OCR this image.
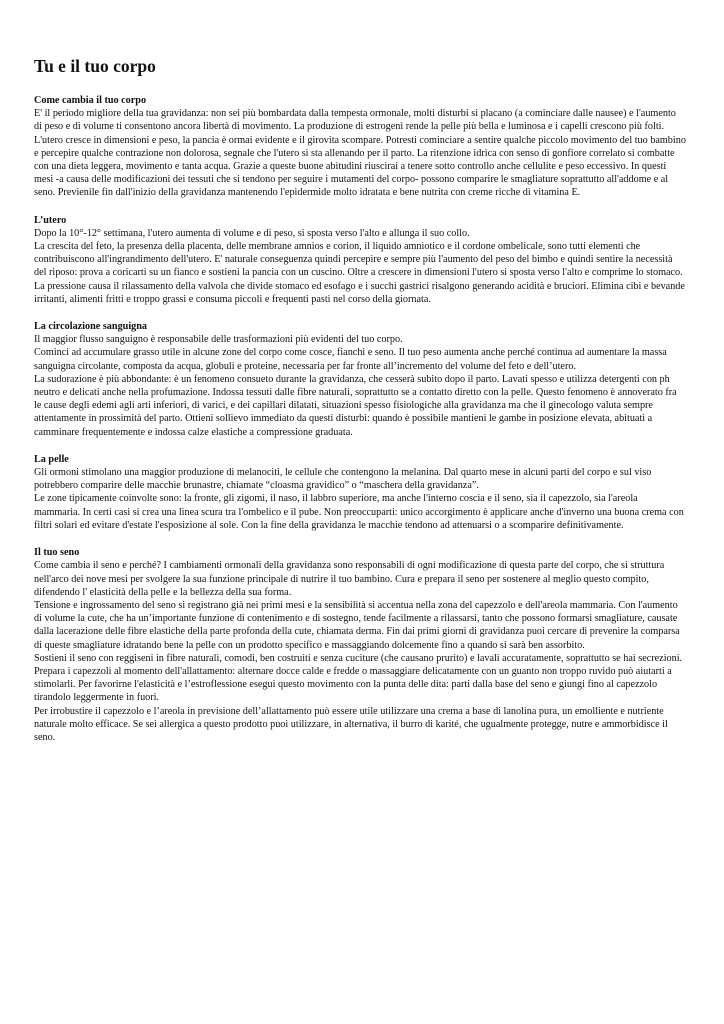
Tu e il tuo corpo

Come cambia il tuo corpo

E' il periodo migliore della tua gravidanza: non sei più bombardata dalla tempesta ormonale, molti disturbi si placano (a cominciare dalle nausee) e l'aumento di peso e di volume ti consentono ancora libertà di movimento. La produzione di estrogeni rende la pelle più bella e luminosa e i capelli crescono più folti. L'utero cresce in dimensioni e peso, la pancia è ormai evidente e il girovita scompare. Potresti cominciare a sentire qualche piccolo movimento del tuo bambino e percepire qualche contrazione non dolorosa, segnale che l'utero si sta allenando per il parto. La ritenzione idrica con senso di gonfiore correlato si combatte con una dieta leggera, movimento e tanta acqua. Grazie a queste buone abitudini riuscirai a tenere sotto controllo anche cellulite e peso eccessivo. In questi mesi -a causa delle modificazioni dei tessuti che si tendono per seguire i mutamenti del corpo- possono comparire le smagliature soprattutto all'addome e al seno. Previenile fin dall'inizio della gravidanza mantenendo l'epidermide molto idratata e bene nutrita con creme ricche di vitamina E.

L’utero

Dopo la 10°-12° settimana, l'utero aumenta di volume e di peso, si sposta verso l'alto e allunga il suo collo.

La crescita del feto, la presenza della placenta, delle membrane amnios e corion, il liquido amniotico e il cordone ombelicale, sono tutti elementi che contribuiscono all'ingrandimento dell'utero. E' naturale conseguenza quindi percepire e sempre più l'aumento del peso del bimbo e quindi sentire la necessità del riposo: prova a coricarti su un fianco e sostieni la pancia con un cuscino. Oltre a crescere in dimensioni l'utero si sposta verso l'alto e comprime lo stomaco. La pressione causa il rilassamento della valvola che divide stomaco ed esofago e i succhi gastrici risalgono generando acidità e bruciori. Elimina cibi e bevande irritanti, alimenti fritti e troppo grassi e consuma piccoli e frequenti pasti nel corso della giornata.

La circolazione sanguigna

Il maggior flusso sanguigno è responsabile delle trasformazioni più evidenti del tuo corpo.

Cominci ad accumulare grasso utile in alcune zone del corpo come cosce, fianchi e seno. Il tuo peso aumenta anche perché continua ad aumentare la massa sanguigna circolante, composta da acqua, globuli e proteine, necessaria per far fronte all’incremento del volume del feto e dell’utero.

La sudorazione è più abbondante: è un fenomeno consueto durante la gravidanza, che cesserà subito dopo il parto. Lavati spesso e utilizza detergenti con ph neutro e delicati anche nella profumazione. Indossa tessuti dalle fibre naturali, soprattutto se a contatto diretto con la pelle. Questo fenomeno è annoverato fra le cause degli edemi agli arti inferiori, di varici, e dei capillari dilatati, situazioni spesso fisiologiche alla gravidanza ma che il ginecologo valuta sempre attentamente in prossimità del parto. Ottieni sollievo immediato da questi disturbi: quando è possibile mantieni le gambe in posizione elevata, abituati a camminare frequentemente e indossa calze elastiche a compressione graduata.

La pelle

Gli ormoni stimolano una maggior produzione di melanociti, le cellule che contengono la melanina. Dal quarto mese in alcuni parti del corpo e sul viso potrebbero comparire delle macchie brunastre, chiamate “cloasma gravidico” o “maschera della gravidanza”.

Le zone tipicamente coinvolte sono: la fronte, gli zigomi, il naso, il labbro superiore, ma anche l'interno coscia e il seno, sia il capezzolo, sia l'areola mammaria. In certi casi si crea una linea scura tra l'ombelico e il pube. Non preoccuparti: unico accorgimento è applicare anche d'inverno una buona crema con filtri solari ed evitare d'estate l'esposizione al sole. Con la fine della gravidanza le macchie tendono ad attenuarsi o a scomparire definitivamente.

Il tuo seno

Come cambia il seno e perché? I cambiamenti ormonali della gravidanza sono responsabili di ogni modificazione di questa parte del corpo, che si struttura nell'arco dei nove mesi per svolgere la sua funzione principale di nutrire il tuo bambino. Cura e prepara il seno per sostenere al meglio questo compito, difendendo l' elasticità della pelle e la bellezza della sua forma.

Tensione e ingrossamento del seno si registrano già nei primi mesi e la sensibilità si accentua nella zona del capezzolo e dell'areola mammaria. Con l'aumento di volume la cute, che ha un’importante funzione di contenimento e di sostegno, tende facilmente a rilassarsi, tanto che possono formarsi smagliature, causate dalla lacerazione delle fibre elastiche della parte profonda della cute, chiamata derma. Fin dai primi giorni di gravidanza puoi cercare di prevenire la comparsa di queste smagliature idratando bene la pelle con un prodotto specifico e massaggiando dolcemente fino a quando si sarà ben assorbito.

Sostieni il seno con reggiseni in fibre naturali, comodi, ben costruiti e senza cuciture (che causano prurito) e lavali accuratamente, soprattutto se hai secrezioni.

Prepara i capezzoli al momento dell'allattamento: alternare docce calde e fredde o massaggiare delicatamente con un guanto non troppo ruvido può aiutarti a stimolarli. Per favorirne l'elasticità e l’estroflessione esegui questo movimento con la punta delle dita: parti dalla base del seno e giungi fino al capezzolo tirandolo leggermente in fuori.

Per irrobustire il capezzolo e l’areola in previsione dell’allattamento può essere utile utilizzare una crema a base di lanolina pura, un emolliente e nutriente naturale molto efficace. Se sei allergica a questo prodotto puoi utilizzare, in alternativa, il burro di karité, che ugualmente protegge, nutre e ammorbidisce il seno.
